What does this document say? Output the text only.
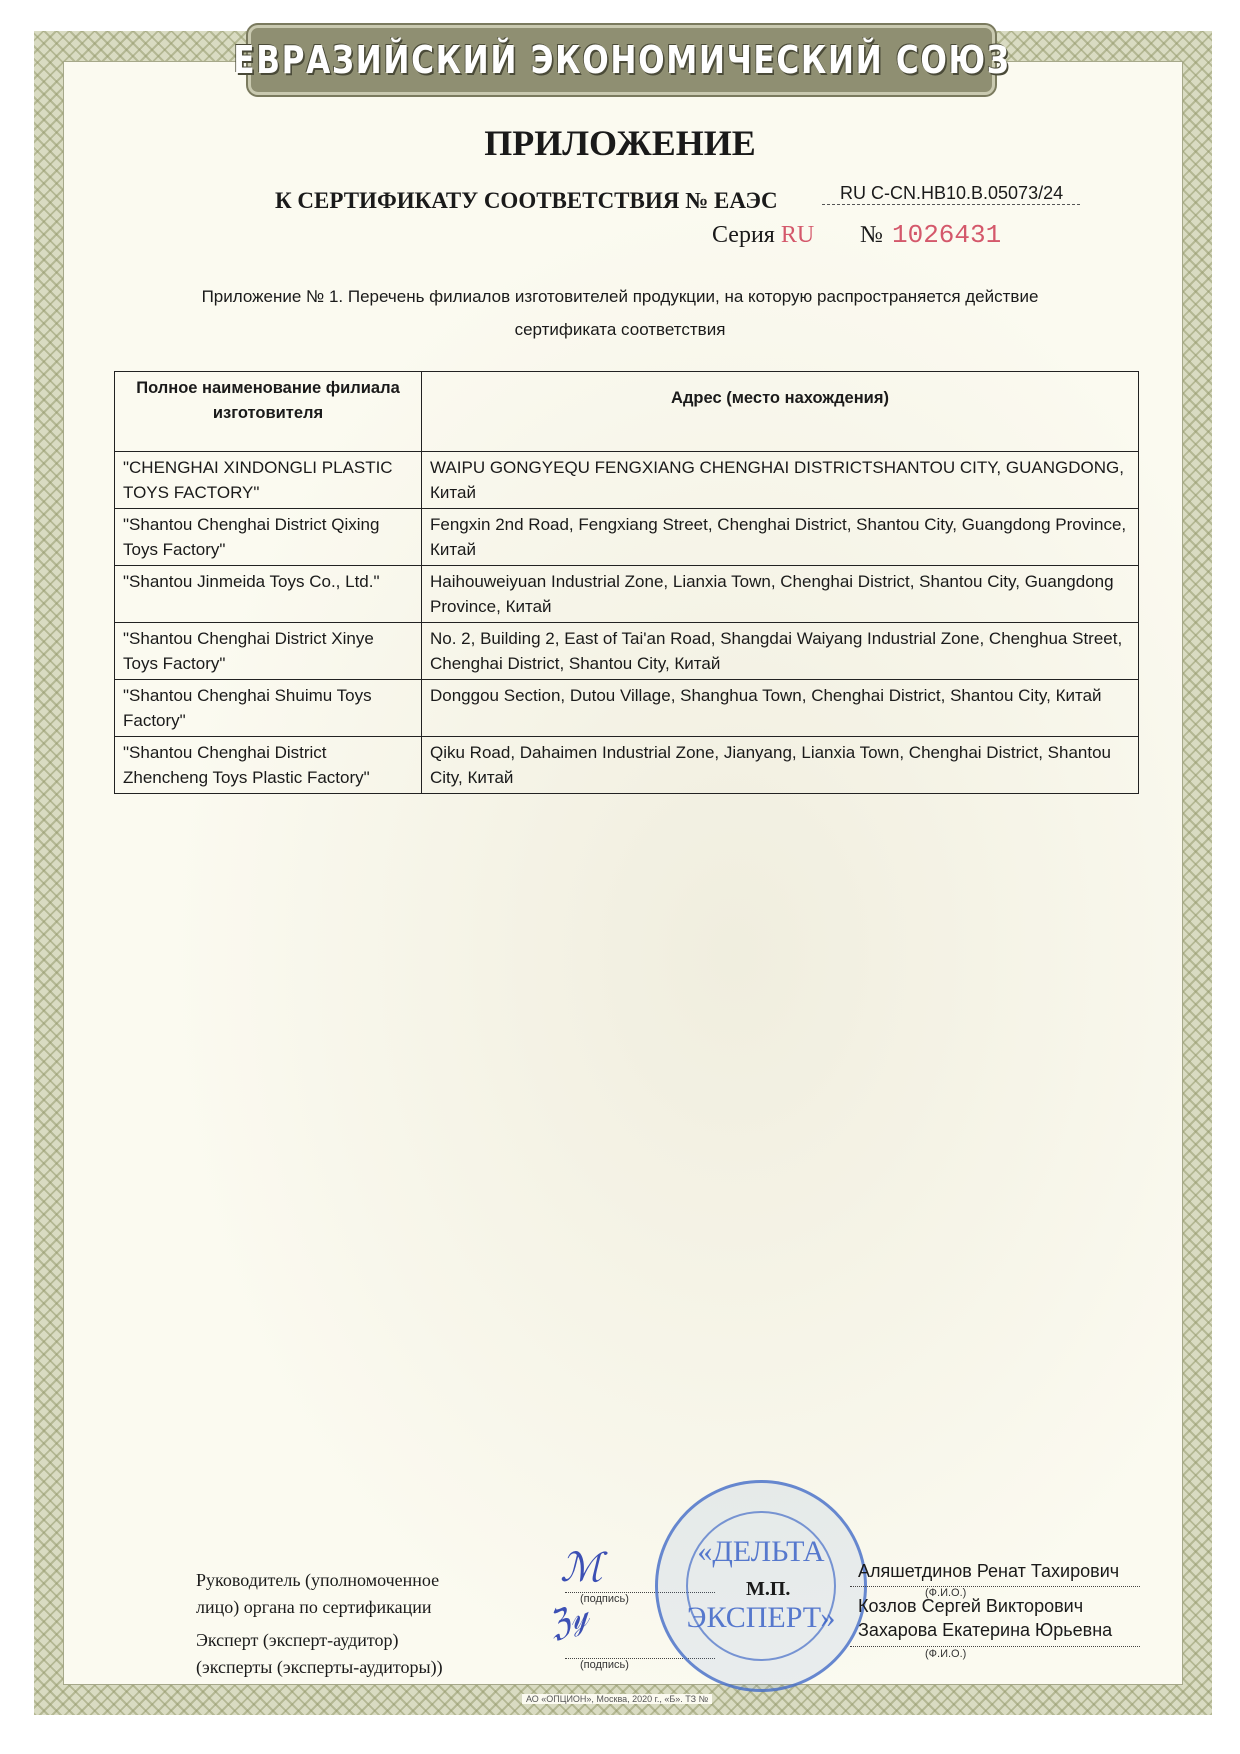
ЕВРАЗИЙСКИЙ ЭКОНОМИЧЕСКИЙ СОЮЗ
ПРИЛОЖЕНИЕ
К СЕРТИФИКАТУ СООТВЕТСТВИЯ № ЕАЭС	RU C-CN.НВ10.В.05073/24
Серия RU № 1026431
Приложение № 1. Перечень филиалов изготовителей продукции, на которую распространяется действие
сертификата соответствия
Полное наименование филиала изготовителя	Адрес (место нахождения)
"CHENGHAI XINDONGLI PLASTIC TOYS FACTORY"	WAIPU GONGYEQU FENGXIANG CHENGHAI DISTRICTSHANTOU CITY, GUANGDONG, Китай
"Shantou Chenghai District Qixing Toys Factory"	Fengxin 2nd Road, Fengxiang Street, Chenghai District, Shantou City, Guangdong Province, Китай
"Shantou Jinmeida Toys Co., Ltd."	Haihouweiyuan Industrial Zone, Lianxia Town, Chenghai District, Shantou City, Guangdong Province, Китай
"Shantou Chenghai District Xinye Toys Factory"	No. 2, Building 2, East of Tai'an Road, Shangdai Waiyang Industrial Zone, Chenghua Street, Chenghai District, Shantou City, Китай
"Shantou Chenghai Shuimu Toys Factory"	Donggou Section, Dutou Village, Shanghua Town, Chenghai District, Shantou City, Китай
"Shantou Chenghai District Zhencheng Toys Plastic Factory"	Qiku Road, Dahaimen Industrial Zone, Jianyang, Lianxia Town, Chenghai District, Shantou City, Китай
Руководитель (уполномоченное
лицо) органа по сертификации
Эксперт (эксперт-аудитор)
(эксперты (эксперты-аудиторы))
(подпись)
(подпись)
ℳ
ℨ𝓎
«ДЕЛЬТА
ЭКСПЕРТ»
М.П.
Аляшетдинов Ренат Тахирович
(Ф.И.О.)
Козлов Сергей Викторович
Захарова Екатерина Юрьевна
(Ф.И.О.)
АО «ОПЦИОН», Москва, 2020 г., «Б». ТЗ №
